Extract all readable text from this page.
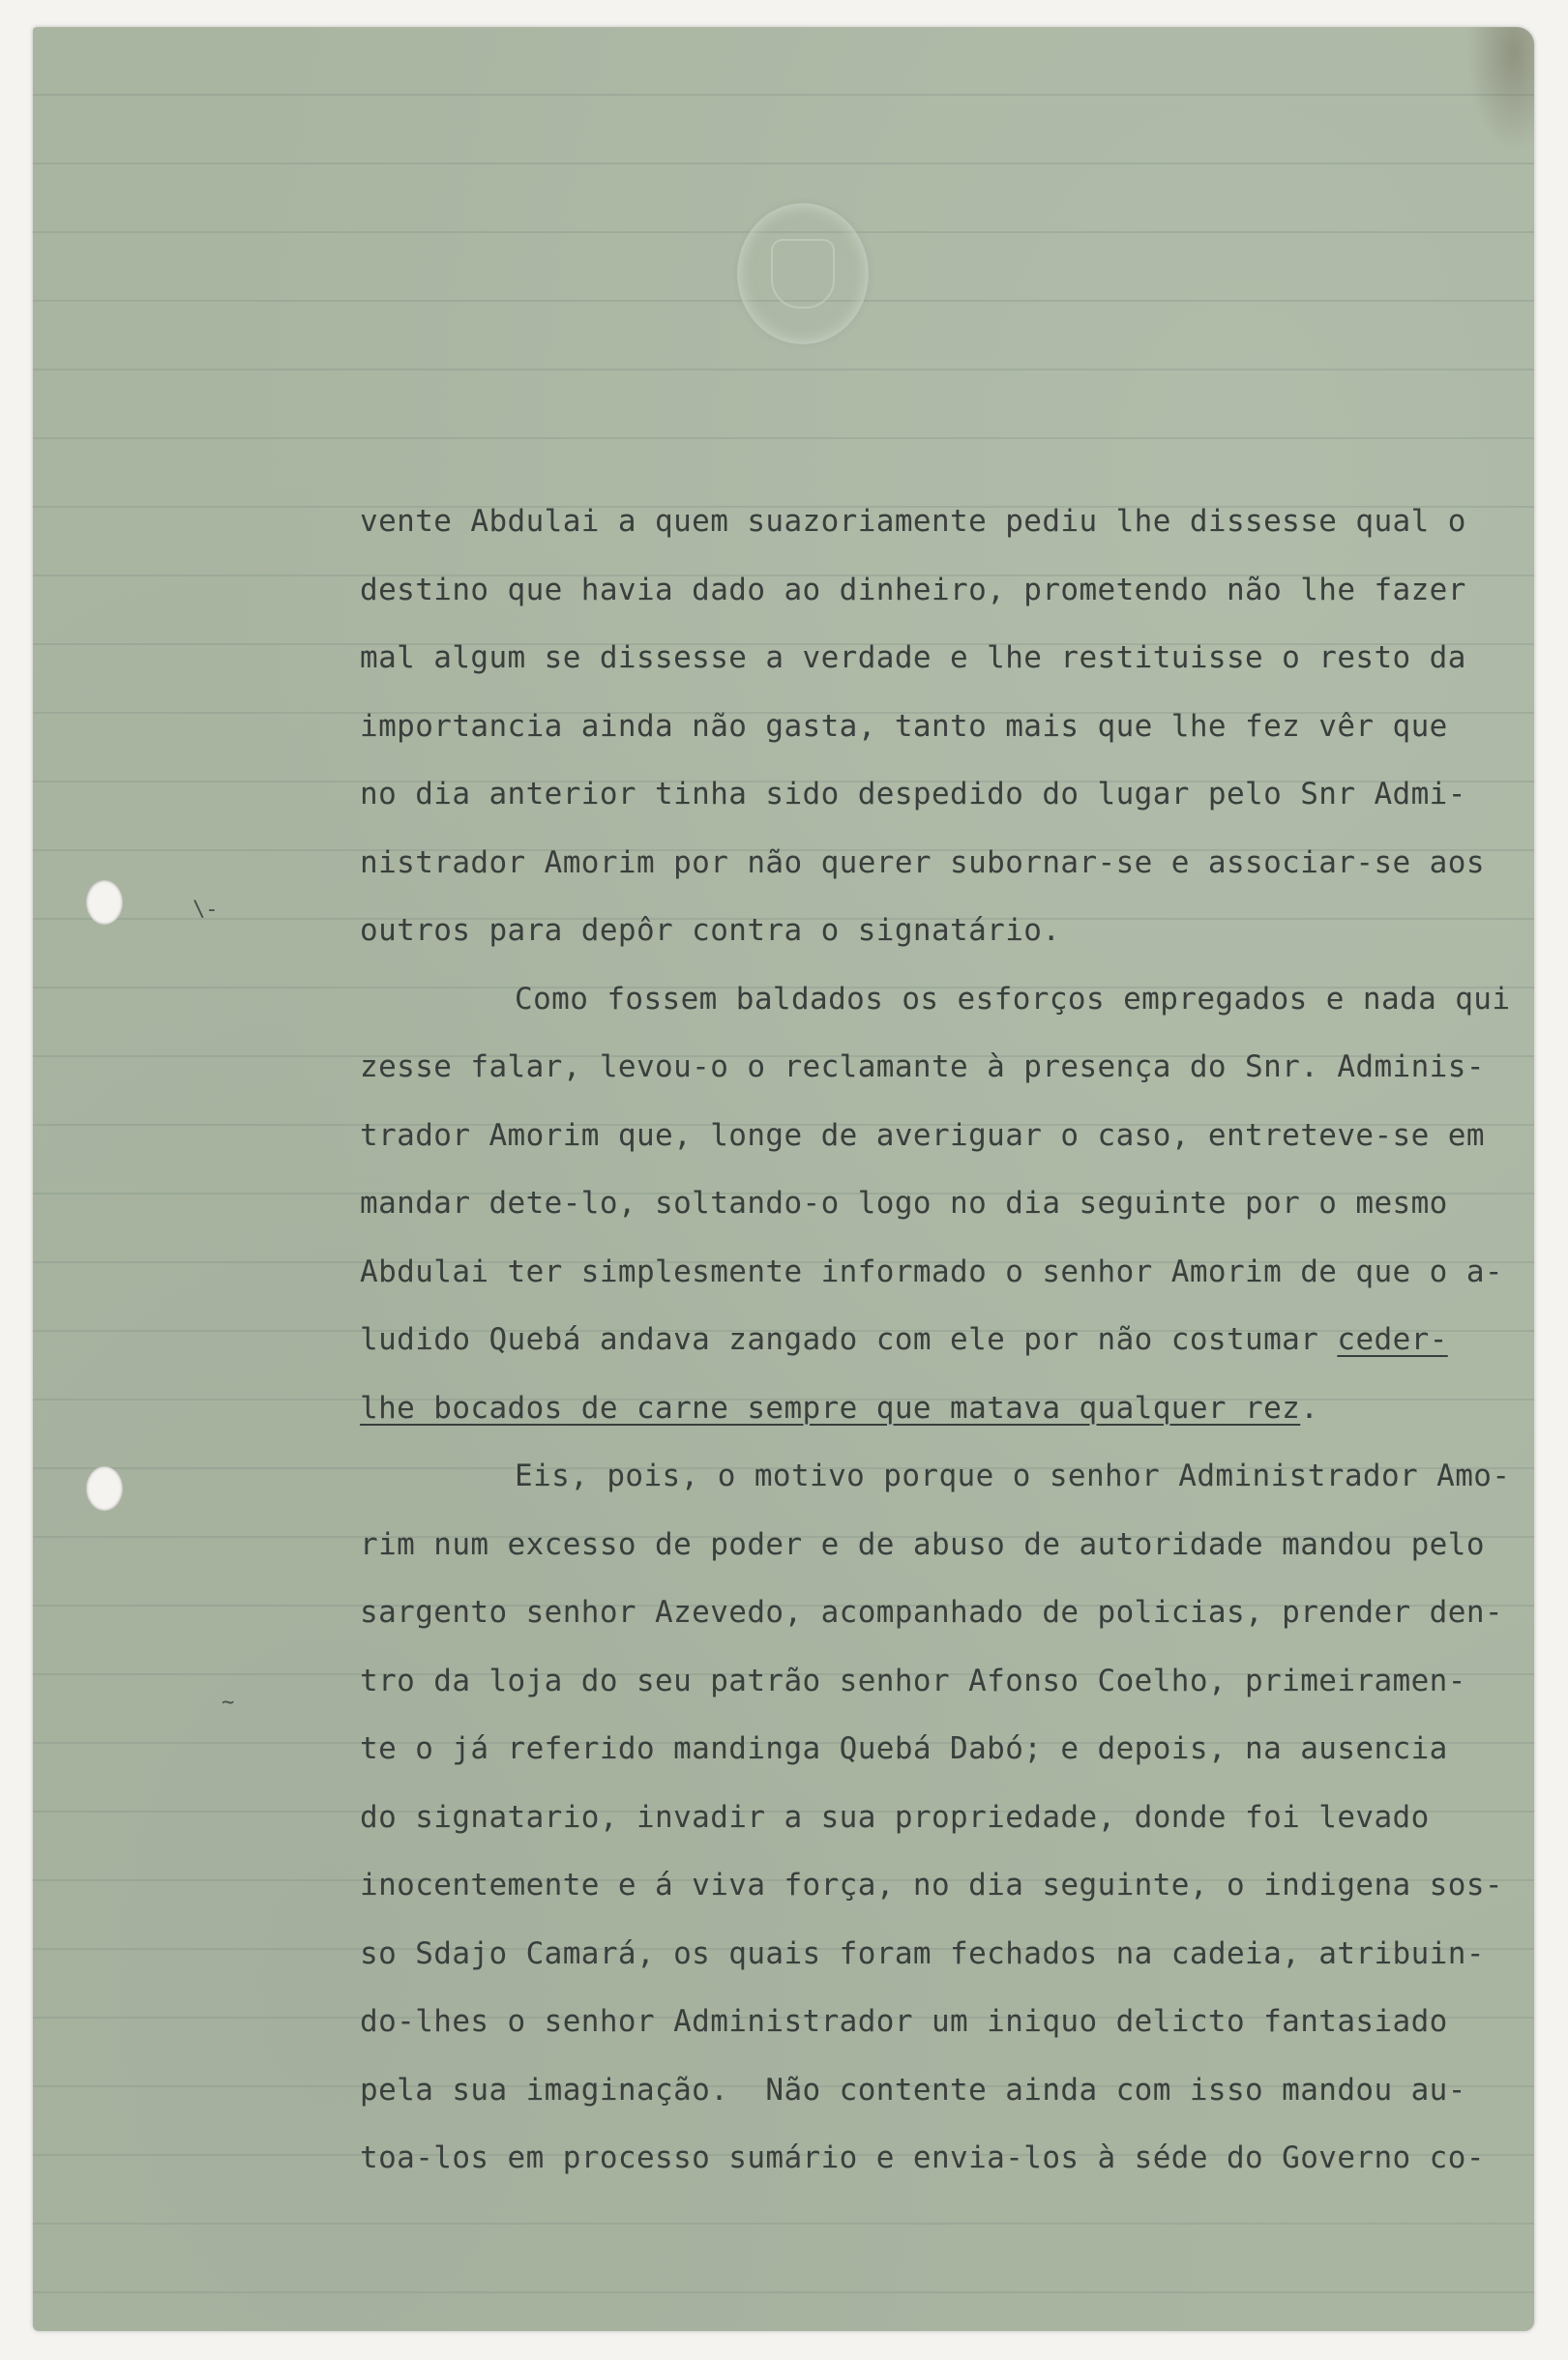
\-
~
vente Abdulai a quem suazoriamente pediu lhe dissesse qual o
destino que havia dado ao dinheiro, prometendo não lhe fazer
mal algum se dissesse a verdade e lhe restituisse o resto da
importancia ainda não gasta, tanto mais que lhe fez vêr que
no dia anterior tinha sido despedido do lugar pelo Snr Admi-
nistrador Amorim por não querer subornar-se e associar-se aos
outros para depôr contra o signatário.
Como fossem baldados os esforços empregados e nada qui
zesse falar, levou-o o reclamante à presença do Snr. Adminis-
trador Amorim que, longe de averiguar o caso, entreteve-se em
mandar dete-lo, soltando-o logo no dia seguinte por o mesmo
Abdulai ter simplesmente informado o senhor Amorim de que o a-
ludido Quebá andava zangado com ele por não costumar ceder-
lhe bocados de carne sempre que matava qualquer rez.
Eis, pois, o motivo porque o senhor Administrador Amo-
rim num excesso de poder e de abuso de autoridade mandou pelo
sargento senhor Azevedo, acompanhado de policias, prender den-
tro da loja do seu patrão senhor Afonso Coelho, primeiramen-
te o já referido mandinga Quebá Dabó; e depois, na ausencia
do signatario, invadir a sua propriedade, donde foi levado
inocentemente e á viva força, no dia seguinte, o indigena sos-
so Sdajo Camará, os quais foram fechados na cadeia, atribuin-
do-lhes o senhor Administrador um iniquo delicto fantasiado
pela sua imaginação.  Não contente ainda com isso mandou au-
toa-los em processo sumário e envia-los à séde do Governo co-
